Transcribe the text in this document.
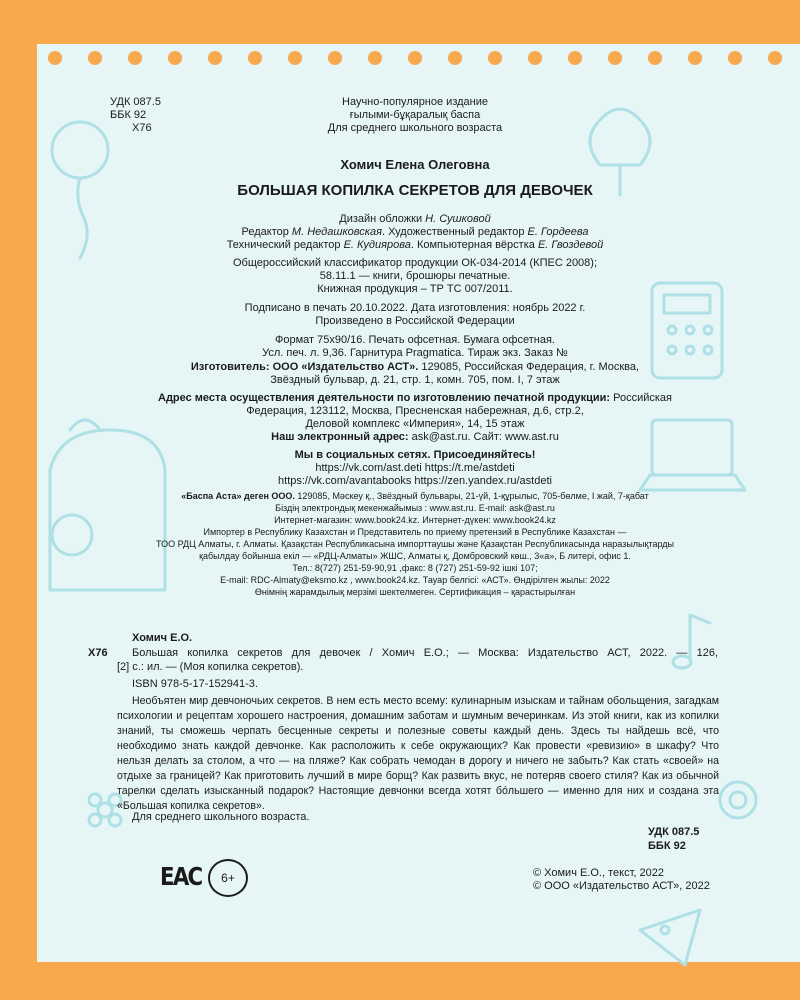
УДК 087.5
ББК 92
Х76
Научно-популярное издание
ғылыми-бұқаралық баспа
Для среднего школьного возраста
Хомич Елена Олеговна
БОЛЬШАЯ КОПИЛКА СЕКРЕТОВ ДЛЯ ДЕВОЧЕК
Дизайн обложки Н. Сушковой
Редактор М. Недашковская. Художественный редактор Е. Гордеева
Технический редактор Е. Кудиярова. Компьютерная вёрстка Е. Гвоздевой
Общероссийский классификатор продукции ОК-034-2014 (КПЕС 2008);
58.11.1 — книги, брошюры печатные.
Книжная продукция – ТР ТС 007/2011.
Подписано в печать 20.10.2022. Дата изготовления: ноябрь 2022 г.
Произведено в Российской Федерации
Формат 75х90/16. Печать офсетная. Бумага офсетная.
Усл. печ. л. 9,36. Гарнитура Pragmatica. Тираж экз. Заказ №
Изготовитель: ООО «Издательство АСТ». 129085, Российская Федерация, г. Москва,
Звёздный бульвар, д. 21, стр. 1, комн. 705, пом. I, 7 этаж
Адрес места осуществления деятельности по изготовлению печатной продукции: Российская
Федерация, 123112, Москва, Пресненская набережная, д.6, стр.2,
Деловой комплекс «Империя», 14, 15 этаж
Наш электронный адрес: ask@ast.ru. Сайт: www.ast.ru
Мы в социальных сетях. Присоединяйтесь!
https://vk.com/ast.deti https://t.me/astdeti
https://vk.com/avantabooks https://zen.yandex.ru/astdeti
«Баспа Аста» деген ООО. 129085, Мәскеу қ., Звёздный бульвары, 21-үй, 1-құрылыс, 705-бөлме, I жай, 7-қабат
Біздің электрондық мекенжайымыз : www.ast.ru. E-mail: ask@ast.ru
Интернет-магазин: www.book24.kz. Интернет-дүкен: www.book24.kz
Импортер в Республику Казахстан и Представитель по приему претензий в Республике Казахстан —
ТОО РДЦ Алматы, г. Алматы. Қазақстан Республикасына импорттаушы және Қазақстан Республикасында наразылықтарды
қабылдау бойынша екіл — «РДЦ-Алматы» ЖШС, Алматы қ, Домбровский көш., 3«а», Б литері, офис 1.
Тел.: 8(727) 251-59-90,91 ,факс: 8 (727) 251-59-92 ішкі 107;
E-mail: RDC-Almaty@eksmo.kz , www.book24.kz. Тауар белгісі: «АСТ». Өндірілген жылы: 2022
Өнімнің жарамдылық мерзімі шектелмеген. Сертификация – қарастырылған
Хомич Е.О.
Х76 Большая копилка секретов для девочек / Хомич Е.О.; — Москва: Издательство АСТ, 2022. — 126,
[2] с.: ил. — (Моя копилка секретов).
ISBN 978-5-17-152941-3.
Необъятен мир девчоночьих секретов. В нем есть место всему: кулинарным изыскам и тайнам обольщения, загадкам психологии и рецептам хорошего настроения, домашним заботам и шумным вечеринкам. Из этой книги, как из копилки знаний, ты сможешь черпать бесценные секреты и полезные советы каждый день. Здесь ты найдешь всё, что необходимо знать каждой девчонке. Как расположить к себе окружающих? Как провести «ревизию» в шкафу? Что нельзя делать за столом, а что — на пляже? Как собрать чемодан в дорогу и ничего не забыть? Как стать «своей» на отдыхе за границей? Как приготовить лучший в мире борщ? Как развить вкус, не потеряв своего стиля? Как из обычной тарелки сделать изысканный подарок? Настоящие девчонки всегда хотят бо́льшего — именно для них и создана эта «Большая копилка секретов».
Для среднего школьного возраста.
УДК 087.5
ББК 92
ЕАС	6+	© Хомич Е.О., текст, 2022
© ООО «Издательство АСТ», 2022
